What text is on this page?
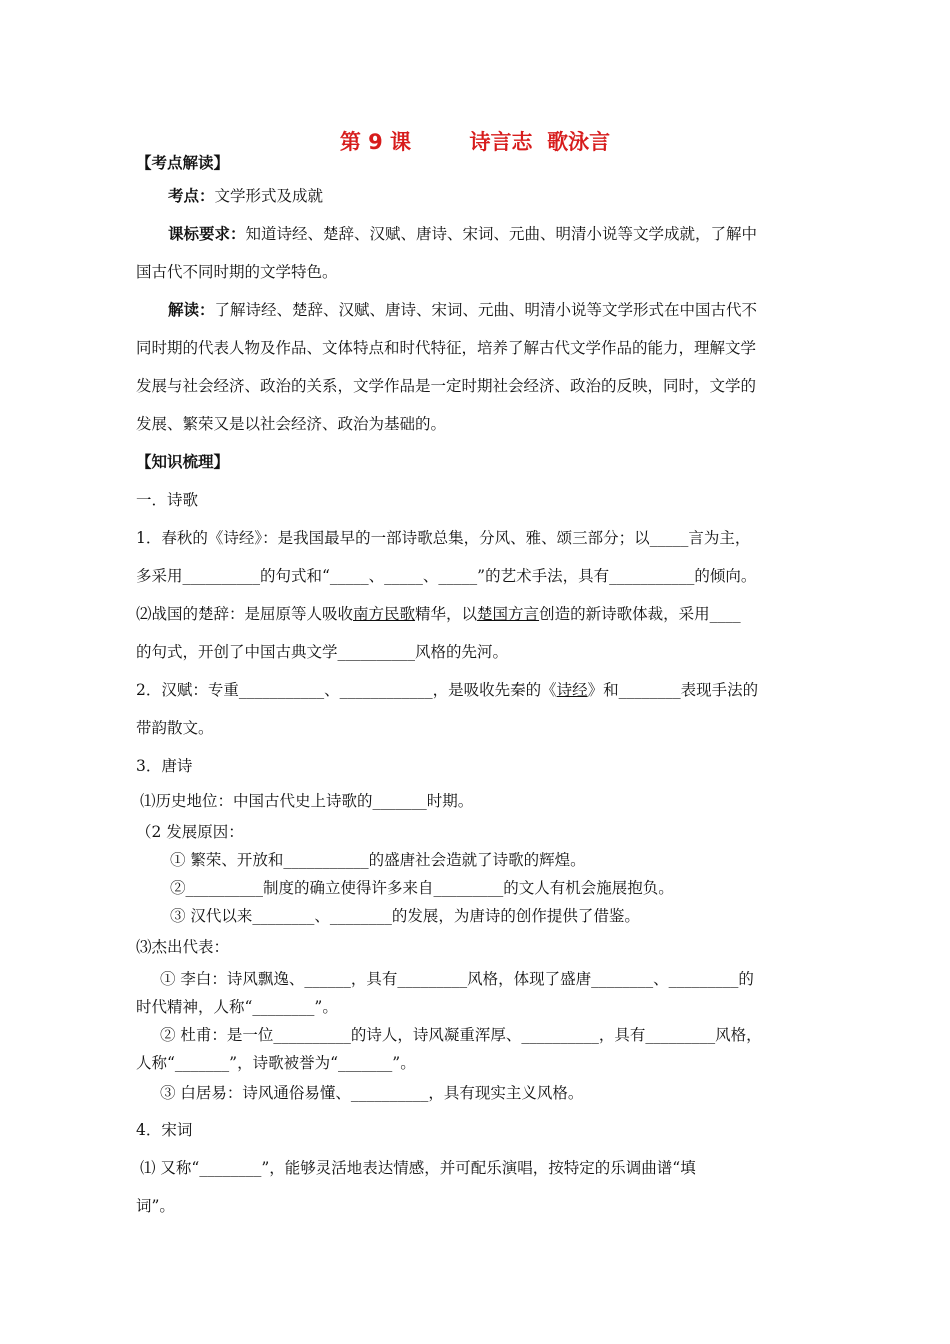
第 9 课        诗言志  歌泳言
【考点解读】
考点：文学形式及成就
课标要求：知道诗经、楚辞、汉赋、唐诗、宋词、元曲、明清小说等文学成就，了解中
国古代不同时期的文学特色。
解读：了解诗经、楚辞、汉赋、唐诗、宋词、元曲、明清小说等文学形式在中国古代不
同时期的代表人物及作品、文体特点和时代特征，培养了解古代文学作品的能力，理解文学
发展与社会经济、政治的关系，文学作品是一定时期社会经济、政治的反映，同时，文学的
发展、繁荣又是以社会经济、政治为基础的。
【知识梳理】
一．诗歌
1．春秋的《诗经》：是我国最早的一部诗歌总集，分风、雅、颂三部分；以_____言为主，
多采用__________的句式和“_____、_____、_____”的艺术手法，具有___________的倾向。
⑵战国的楚辞：是屈原等人吸收南方民歌精华，以楚国方言创造的新诗歌体裁，采用____
的句式，开创了中国古典文学__________风格的先河。
2．汉赋：专重___________、____________，是吸收先秦的《诗经》和________表现手法的
带韵散文。
3．唐诗
⑴历史地位：中国古代史上诗歌的_______时期。
（2 发展原因：
① 繁荣、开放和___________的盛唐社会造就了诗歌的辉煌。
②__________制度的确立使得许多来自_________的文人有机会施展抱负。
③ 汉代以来________、________的发展，为唐诗的创作提供了借鉴。
⑶杰出代表：
① 李白：诗风飘逸、______，具有_________风格，体现了盛唐________、_________的
时代精神，人称“________”。
② 杜甫：是一位__________的诗人，诗风凝重浑厚、__________，具有_________风格，
人称“_______”，诗歌被誉为“_______”。
③ 白居易：诗风通俗易懂、__________，具有现实主义风格。
4．宋词
⑴ 又称“________”，能够灵活地表达情感，并可配乐演唱，按特定的乐调曲谱“填
词”。
